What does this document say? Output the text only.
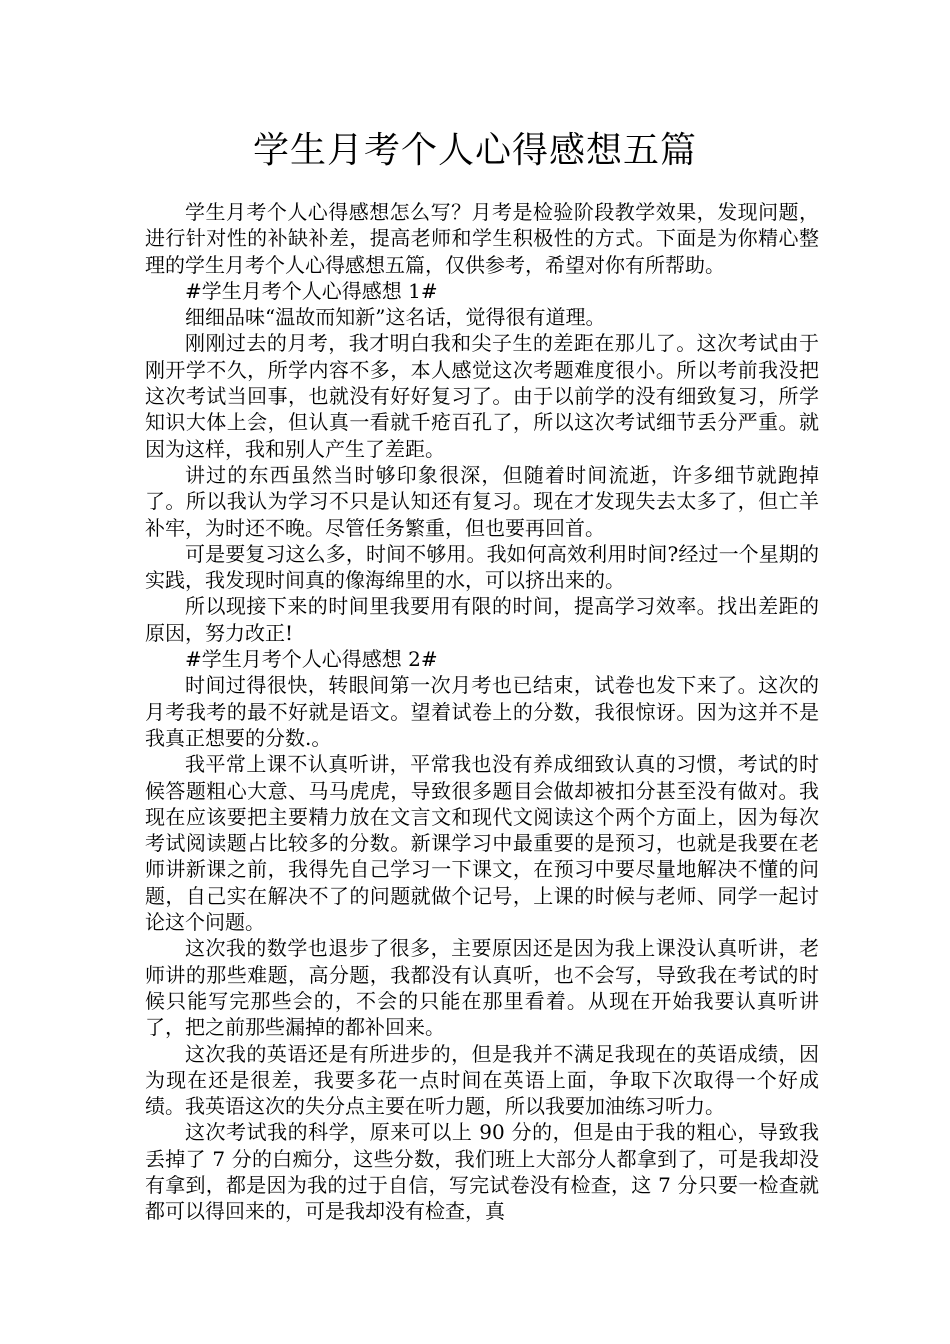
学生月考个人心得感想五篇

学生月考个人心得感想怎么写？月考是检验阶段教学效果，发现问题，进行针对性的补缺补差，提高老师和学生积极性的方式。下面是为你精心整理的学生月考个人心得感想五篇，仅供参考，希望对你有所帮助。

#学生月考个人心得感想 1#

细细品味“温故而知新”这名话，觉得很有道理。

刚刚过去的月考，我才明白我和尖子生的差距在那儿了。这次考试由于刚开学不久，所学内容不多，本人感觉这次考题难度很小。所以考前我没把这次考试当回事，也就没有好好复习了。由于以前学的没有细致复习，所学知识大体上会，但认真一看就千疮百孔了，所以这次考试细节丢分严重。就因为这样，我和别人产生了差距。

讲过的东西虽然当时够印象很深，但随着时间流逝，许多细节就跑掉了。所以我认为学习不只是认知还有复习。现在才发现失去太多了，但亡羊补牢，为时还不晚。尽管任务繁重，但也要再回首。

可是要复习这么多，时间不够用。我如何高效利用时间?经过一个星期的实践，我发现时间真的像海绵里的水，可以挤出来的。

所以现接下来的时间里我要用有限的时间，提高学习效率。找出差距的原因，努力改正!

#学生月考个人心得感想 2#

时间过得很快，转眼间第一次月考也已结束，试卷也发下来了。这次的月考我考的最不好就是语文。望着试卷上的分数，我很惊讶。因为这并不是我真正想要的分数.。

我平常上课不认真听讲，平常我也没有养成细致认真的习惯，考试的时候答题粗心大意、马马虎虎，导致很多题目会做却被扣分甚至没有做对。我现在应该要把主要精力放在文言文和现代文阅读这个两个方面上，因为每次考试阅读题占比较多的分数。新课学习中最重要的是预习，也就是我要在老师讲新课之前，我得先自己学习一下课文，在预习中要尽量地解决不懂的问题，自己实在解决不了的问题就做个记号，上课的时候与老师、同学一起讨论这个问题。

这次我的数学也退步了很多，主要原因还是因为我上课没认真听讲，老师讲的那些难题，高分题，我都没有认真听，也不会写，导致我在考试的时候只能写完那些会的，不会的只能在那里看着。从现在开始我要认真听讲了，把之前那些漏掉的都补回来。

这次我的英语还是有所进步的，但是我并不满足我现在的英语成绩，因为现在还是很差，我要多花一点时间在英语上面，争取下次取得一个好成绩。我英语这次的失分点主要在听力题，所以我要加油练习听力。

这次考试我的科学，原来可以上 90 分的，但是由于我的粗心，导致我丢掉了 7 分的白痴分，这些分数，我们班上大部分人都拿到了，可是我却没有拿到，都是因为我的过于自信，写完试卷没有检查，这 7 分只要一检查就都可以得回来的，可是我却没有检查，真
